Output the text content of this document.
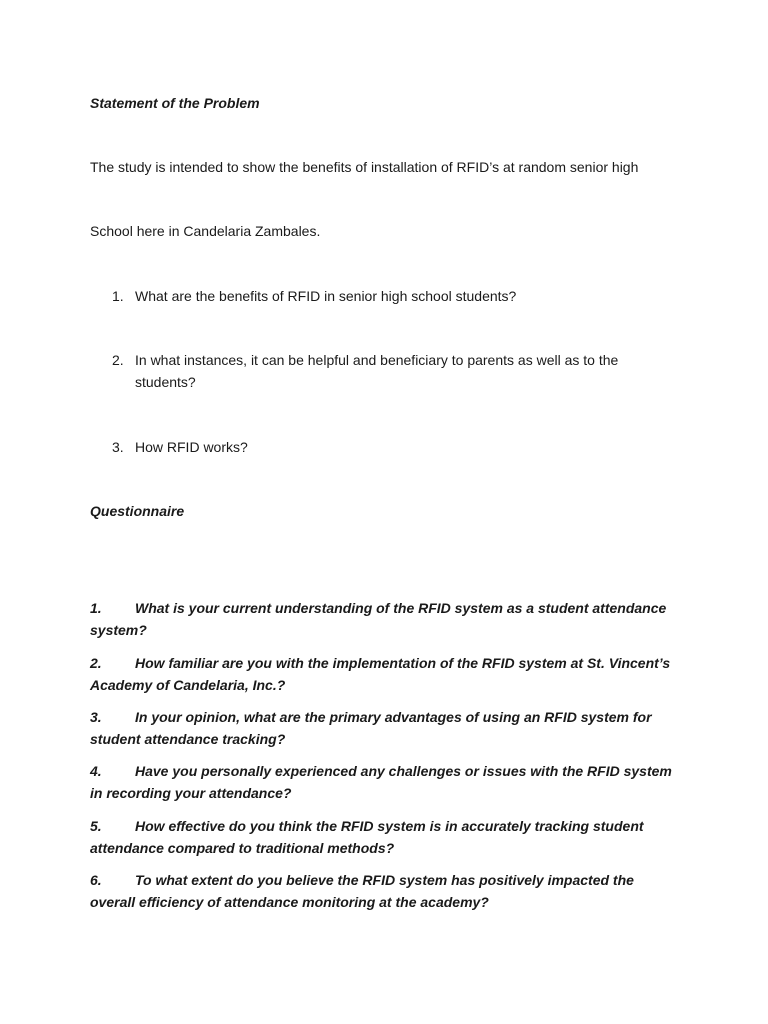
Statement of the Problem
The study is intended to show the benefits of installation of RFID’s at random senior high
School here in Candelaria Zambales.
1. What are the benefits of RFID in senior high school students?
2. In what instances, it can be helpful and beneficiary to parents as well as to the students?
3. How RFID works?
Questionnaire
1. What is your current understanding of the RFID system as a student attendance system?
2. How familiar are you with the implementation of the RFID system at St. Vincent’s Academy of Candelaria, Inc.?
3. In your opinion, what are the primary advantages of using an RFID system for student attendance tracking?
4. Have you personally experienced any challenges or issues with the RFID system in recording your attendance?
5. How effective do you think the RFID system is in accurately tracking student attendance compared to traditional methods?
6. To what extent do you believe the RFID system has positively impacted the overall efficiency of attendance monitoring at the academy?
